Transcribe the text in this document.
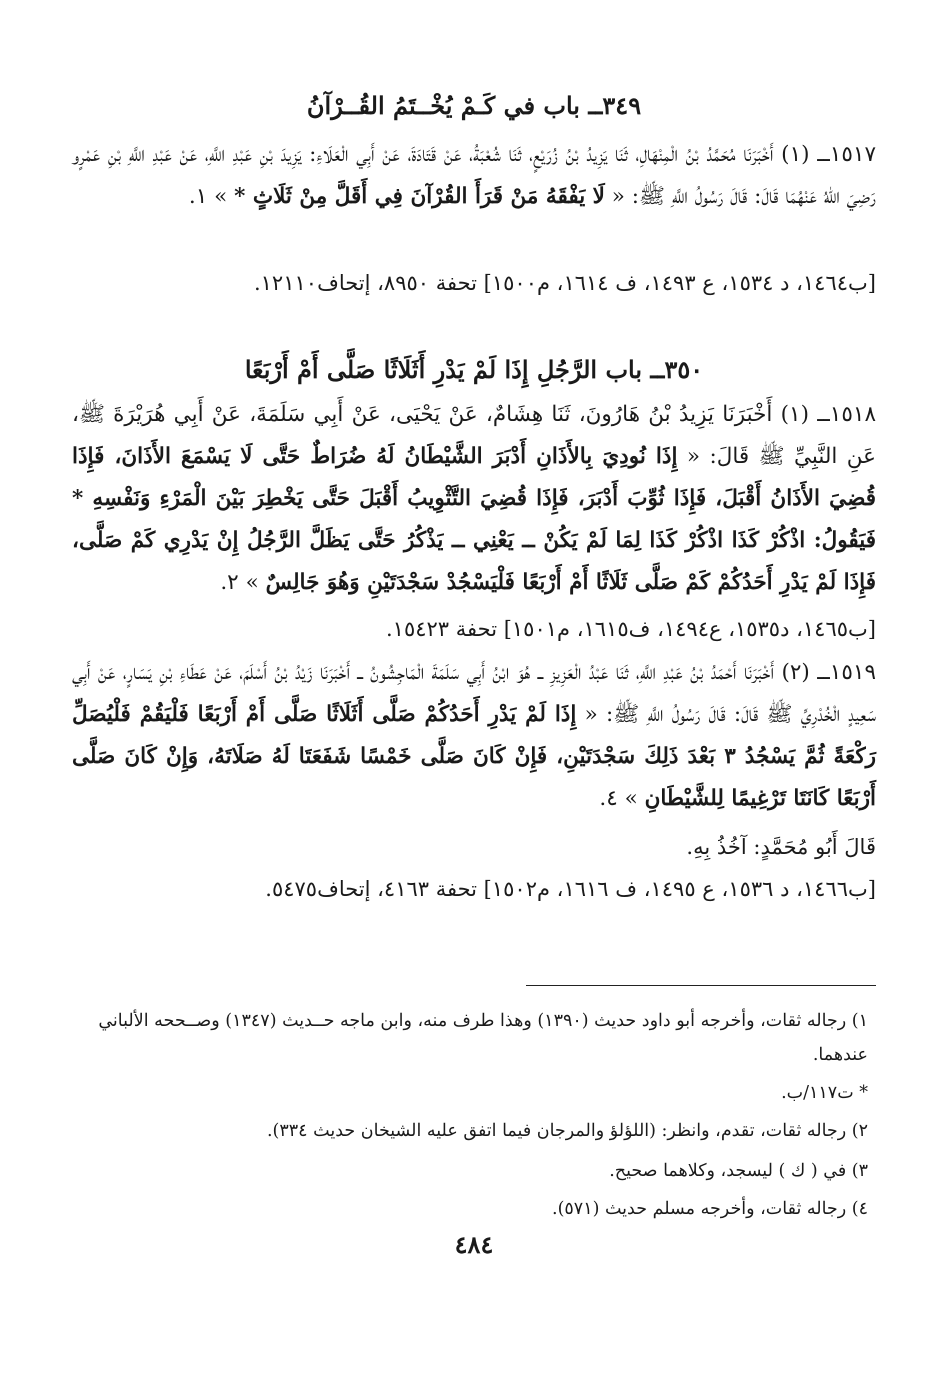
٣٤٩ــ باب في كَـمْ يُخْــتَمُ القُــرْآنُ
١٥١٧ــ (١) أَخْبَرَنَا مُحَمَّدُ بْنُ الْمِنْهَالِ، ثَنَا يَزِيدُ بْنُ زُرَيْعٍ، ثَنَا شُعْبَةُ، عَنْ قَتَادَةَ، عَنْ أَبِي الْعَلَاءِ: يَزِيدَ بْنِ عَبْدِ اللَّهِ، عَنْ عَبْدِ اللَّهِ بْنِ عَمْرٍو رَضِيَ اللهُ عَنْهُمَا قَالَ: قَالَ رَسُولُ اللَّهِ ﷺ: « لَا يَفْقَهُ مَنْ قَرَأَ القُرْآنَ فِي أَقَلَّ مِنْ ثَلَاثٍ * » ١.
[ب١٤٦٤، د ١٥٣٤، ع ١٤٩٣، ف ١٦١٤، م١٥٠٠] تحفة ٨٩٥٠، إتحاف١٢١١٠.
٣٥٠ــ باب الرَّجُلِ إِذَا لَمْ يَدْرِ أَثَلَاثًا صَلَّى أَمْ أَرْبَعًا
١٥١٨ــ (١) أَخْبَرَنَا يَزِيدُ بْنُ هَارُونَ، ثَنَا هِشَامٌ، عَنْ يَحْيَى، عَنْ أَبِي سَلَمَةَ، عَنْ أَبِي هُرَيْرَةَ ﷺ، عَنِ النَّبِيِّ ﷺ قَالَ: « إِذَا نُودِيَ بِالأَذَانِ أَدْبَرَ الشَّيْطَانُ لَهُ ضُرَاطٌ حَتَّى لَا يَسْمَعَ الأَذَانَ، فَإِذَا قُضِيَ الأَذَانُ أَقْبَلَ، فَإِذَا ثُوِّبَ أَدْبَرَ، فَإِذَا قُضِيَ التَّثْوِيبُ أَقْبَلَ حَتَّى يَخْطِرَ بَيْنَ الْمَرْءِ وَنَفْسِهِ * فَيَقُولُ: اذْكُرْ كَذَا اذْكُرْ كَذَا لِمَا لَمْ يَكُنْ ــ يَعْنِي ــ يَذْكُرُ حَتَّى يَظَلَّ الرَّجُلُ إِنْ يَدْرِي كَمْ صَلَّى، فَإِذَا لَمْ يَدْرِ أَحَدُكُمْ كَمْ صَلَّى ثَلَاثًا أَمْ أَرْبَعًا فَلْيَسْجُدْ سَجْدَتَيْنِ وَهُوَ جَالِسٌ » ٢.
[ب١٤٦٥، د١٥٣٥، ع١٤٩٤، ف١٦١٥، م١٥٠١] تحفة ١٥٤٢٣.
١٥١٩ــ (٢) أَخْبَرَنَا أَحْمَدُ بْنُ عَبْدِ اللَّهِ، ثَنَا عَبْدُ الْعَزِيزِ ــ هُوَ ابْنُ أَبِي سَلَمَةَ الْمَاجِشُونُ ــ أَخْبَرَنَا زَيْدُ بْنُ أَسْلَمَ، عَنْ عَطَاءِ بْنِ يَسَارٍ، عَنْ أَبِي سَعِيدٍ الْخُدْرِيِّ ﷺ قَالَ: قَالَ رَسُولُ اللَّهِ ﷺ: « إِذَا لَمْ يَدْرِ أَحَدُكُمْ صَلَّى أَثَلَاثًا صَلَّى أَمْ أَرْبَعًا فَلْيَقُمْ فَلْيُصَلِّ رَكْعَةً ثُمَّ يَسْجُدُ ٣ بَعْدَ ذَلِكَ سَجْدَتَيْنِ، فَإِنْ كَانَ صَلَّى خَمْسًا شَفَعَتَا لَهُ صَلَاتَهُ، وَإِنْ كَانَ صَلَّى أَرْبَعًا كَانَتَا تَرْغِيمًا لِلشَّيْطَانِ » ٤.
قَالَ أَبُو مُحَمَّدٍ: آخُذُ بِهِ.
[ب١٤٦٦، د ١٥٣٦، ع ١٤٩٥، ف ١٦١٦، م١٥٠٢] تحفة ٤١٦٣، إتحاف٥٤٧٥.
١) رجاله ثقات، وأخرجه أبو داود حديث (١٣٩٠) وهذا طرف منه، وابن ماجه حــديث (١٣٤٧) وصــححه الألباني عندهما.
* ت١١٧/ب.
٢) رجاله ثقات، تقدم، وانظر: (اللؤلؤ والمرجان فيما اتفق عليه الشيخان حديث ٣٣٤).
٣) في ( ك ) ليسجد، وكلاهما صحيح.
٤) رجاله ثقات، وأخرجه مسلم حديث (٥٧١).
٤٨٤
